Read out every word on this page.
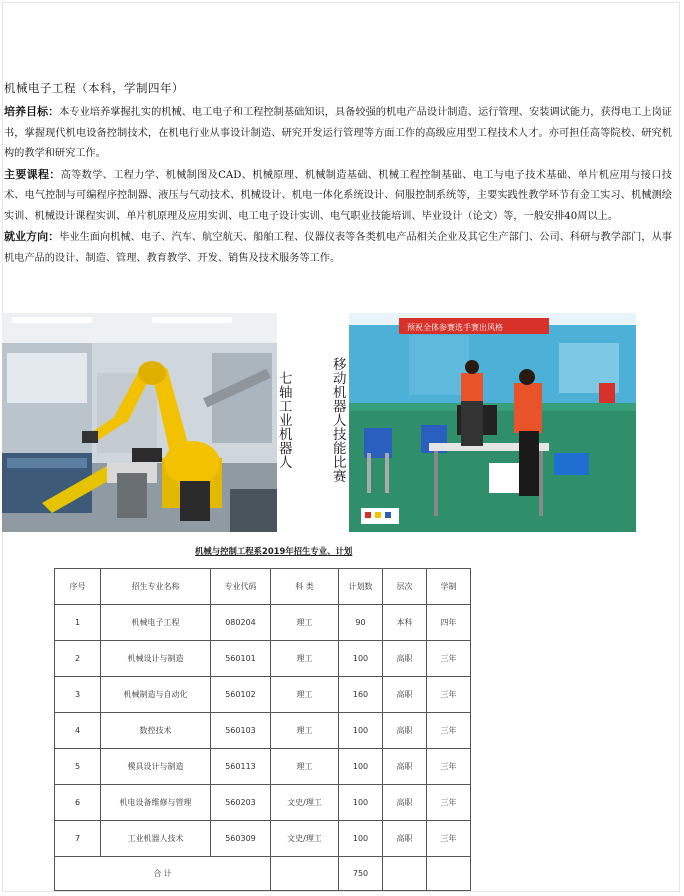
机械电子工程（本科，学制四年）

培养目标：本专业培养掌握扎实的机械、电工电子和工程控制基础知识，具备较强的机电产品设计制造、运行管理、安装调试能力，获得电工上岗证书，掌握现代机电设备控制技术，在机电行业从事设计制造、研究开发运行管理等方面工作的高级应用型工程技术人才。亦可担任高等院校、研究机构的教学和研究工作。

主要课程：高等数学、工程力学、机械制图及CAD、机械原理、机械制造基础、机械工程控制基础、电工与电子技术基础、单片机应用与接口技术、电气控制与可编程序控制器、液压与气动技术、机械设计、机电一体化系统设计、伺服控制系统等，主要实践性教学环节有金工实习、机械测绘实训、机械设计课程实训、单片机原理及应用实训、电工电子设计实训、电气职业技能培训、毕业设计（论文）等，一般安排40周以上。

就业方向：毕业生面向机械、电子、汽车、航空航天、船舶工程、仪器仪表等各类机电产品相关企业及其它生产部门、公司、科研与教学部门，从事机电产品的设计、制造、管理、教育教学、开发、销售及技术服务等工作。

七轴工业机器人
移动机器人技能比赛
预祝全体参赛选手赛出风格
机械与控制工程系2019年招生专业、计划
序号	招生专业名称	专业代码	科 类	计划数	层次	学制
1	机械电子工程	080204	理工	90	本科	四年
2	机械设计与制造	560101	理工	100	高职	三年
3	机械制造与自动化	560102	理工	160	高职	三年
4	数控技术	560103	理工	100	高职	三年
5	模具设计与制造	560113	理工	100	高职	三年
6	机电设备维修与管理	560203	文史/理工	100	高职	三年
7	工业机器人技术	560309	文史/理工	100	高职	三年
合 计				750		
